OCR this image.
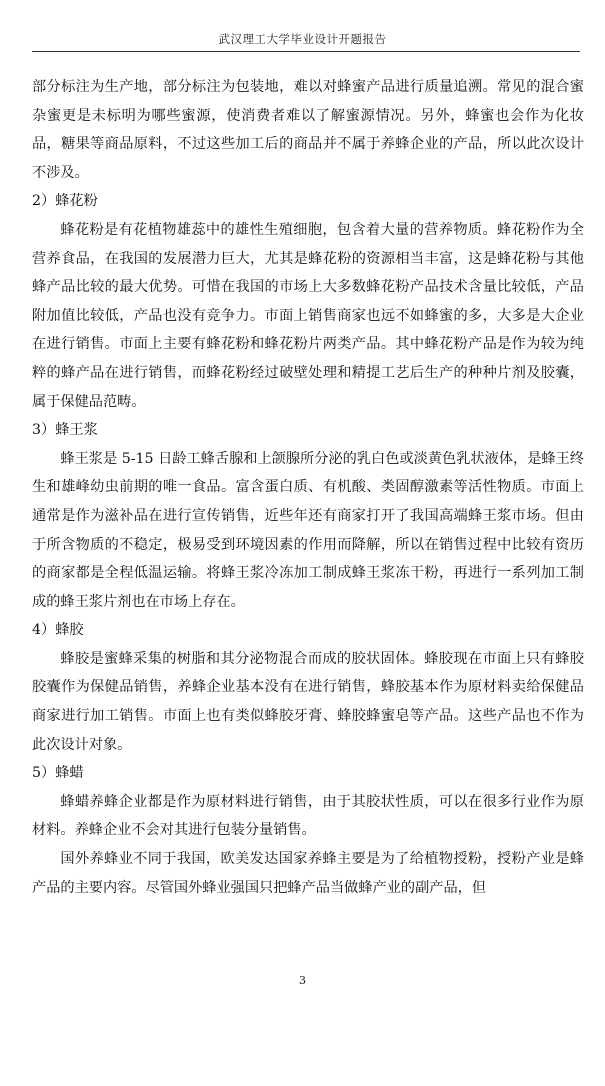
武汉理工大学毕业设计开题报告

部分标注为生产地，部分标注为包装地，难以对蜂蜜产品进行质量追溯。常见的混合蜜杂蜜更是未标明为哪些蜜源，使消费者难以了解蜜源情况。另外，蜂蜜也会作为化妆品，糖果等商品原料，不过这些加工后的商品并不属于养蜂企业的产品，所以此次设计不涉及。

2）蜂花粉

蜂花粉是有花植物雄蕊中的雄性生殖细胞，包含着大量的营养物质。蜂花粉作为全营养食品，在我国的发展潜力巨大，尤其是蜂花粉的资源相当丰富，这是蜂花粉与其他蜂产品比较的最大优势。可惜在我国的市场上大多数蜂花粉产品技术含量比较低，产品附加值比较低，产品也没有竞争力。市面上销售商家也远不如蜂蜜的多，大多是大企业在进行销售。市面上主要有蜂花粉和蜂花粉片两类产品。其中蜂花粉产品是作为较为纯粹的蜂产品在进行销售，而蜂花粉经过破壁处理和精提工艺后生产的种种片剂及胶囊，属于保健品范畴。

3）蜂王浆

蜂王浆是 5-15 日龄工蜂舌腺和上颌腺所分泌的乳白色或淡黄色乳状液体，是蜂王终生和雄峰幼虫前期的唯一食品。富含蛋白质、有机酸、类固醇激素等活性物质。市面上通常是作为滋补品在进行宣传销售，近些年还有商家打开了我国高端蜂王浆市场。但由于所含物质的不稳定，极易受到环境因素的作用而降解，所以在销售过程中比较有资历的商家都是全程低温运输。将蜂王浆冷冻加工制成蜂王浆冻干粉，再进行一系列加工制成的蜂王浆片剂也在市场上存在。

4）蜂胶

蜂胶是蜜蜂采集的树脂和其分泌物混合而成的胶状固体。蜂胶现在市面上只有蜂胶胶囊作为保健品销售，养蜂企业基本没有在进行销售，蜂胶基本作为原材料卖给保健品商家进行加工销售。市面上也有类似蜂胶牙膏、蜂胶蜂蜜皂等产品。这些产品也不作为此次设计对象。

5）蜂蜡

蜂蜡养蜂企业都是作为原材料进行销售，由于其胶状性质，可以在很多行业作为原材料。养蜂企业不会对其进行包装分量销售。

国外养蜂业不同于我国，欧美发达国家养蜂主要是为了给植物授粉，授粉产业是蜂产品的主要内容。尽管国外蜂业强国只把蜂产品当做蜂产业的副产品，但

3
